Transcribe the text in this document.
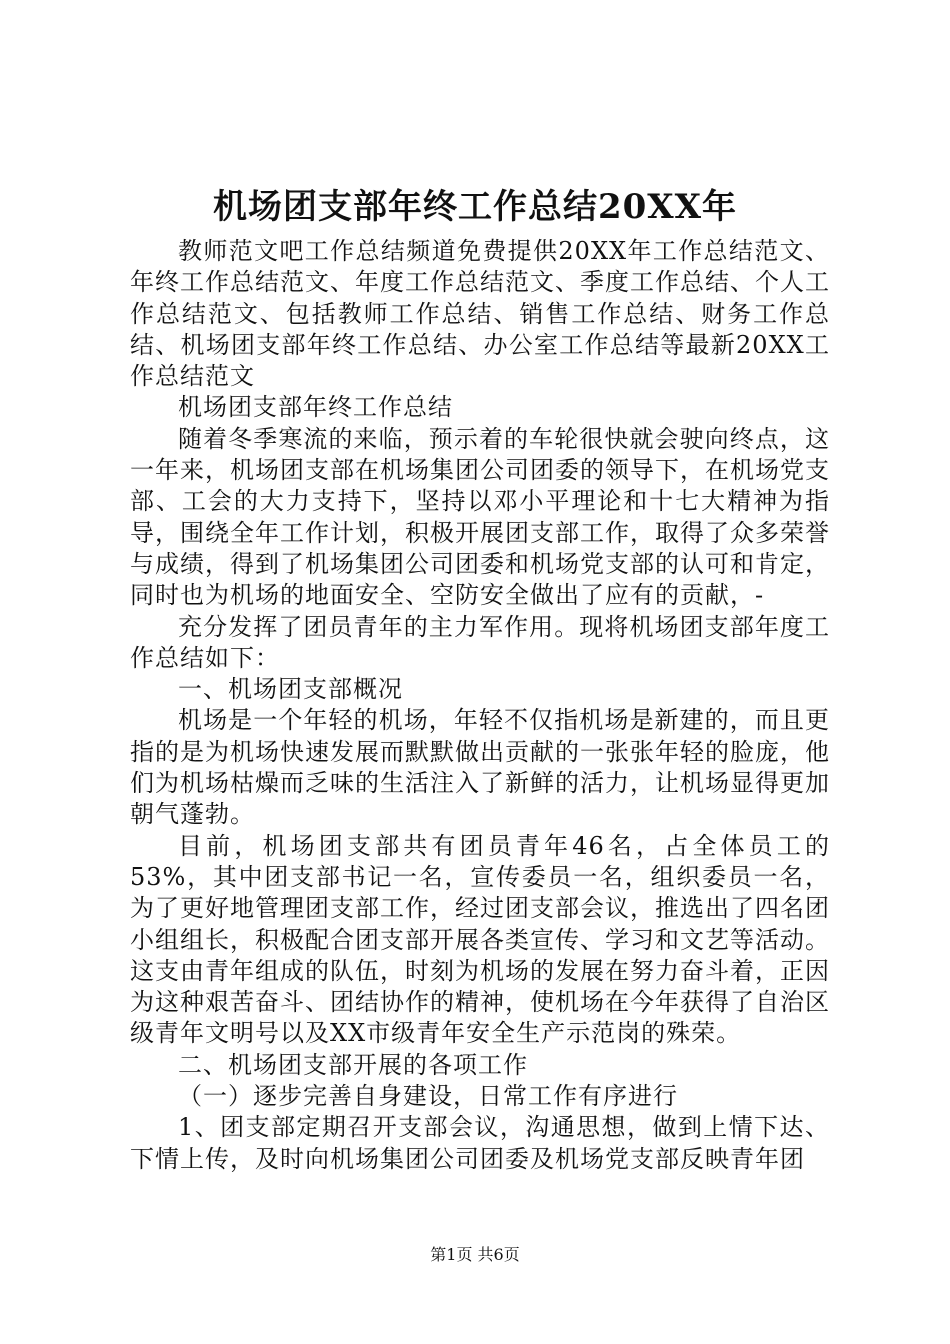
机场团支部年终工作总结20XX年

教师范文吧工作总结频道免费提供20XX年工作总结范文、年终工作总结范文、年度工作总结范文、季度工作总结、个人工作总结范文、包括教师工作总结、销售工作总结、财务工作总结、机场团支部年终工作总结、办公室工作总结等最新20XX工作总结范文

机场团支部年终工作总结

随着冬季寒流的来临，预示着的车轮很快就会驶向终点，这一年来，机场团支部在机场集团公司团委的领导下，在机场党支部、工会的大力支持下，坚持以邓小平理论和十七大精神为指导，围绕全年工作计划，积极开展团支部工作，取得了众多荣誉与成绩，得到了机场集团公司团委和机场党支部的认可和肯定，同时也为机场的地面安全、空防安全做出了应有的贡献，-

充分发挥了团员青年的主力军作用。现将机场团支部年度工作总结如下：

一、机场团支部概况

机场是一个年轻的机场，年轻不仅指机场是新建的，而且更指的是为机场快速发展而默默做出贡献的一张张年轻的脸庞，他们为机场枯燥而乏味的生活注入了新鲜的活力，让机场显得更加朝气蓬勃。

目前，机场团支部共有团员青年46名，占全体员工的53%，其中团支部书记一名，宣传委员一名，组织委员一名，为了更好地管理团支部工作，经过团支部会议，推选出了四名团小组组长，积极配合团支部开展各类宣传、学习和文艺等活动。这支由青年组成的队伍，时刻为机场的发展在努力奋斗着，正因为这种艰苦奋斗、团结协作的精神，使机场在今年获得了自治区级青年文明号以及XX市级青年安全生产示范岗的殊荣。

二、机场团支部开展的各项工作

（一）逐步完善自身建设，日常工作有序进行

1、团支部定期召开支部会议，沟通思想，做到上情下达、下情上传，及时向机场集团公司团委及机场党支部反映青年团

第1页 共6页
